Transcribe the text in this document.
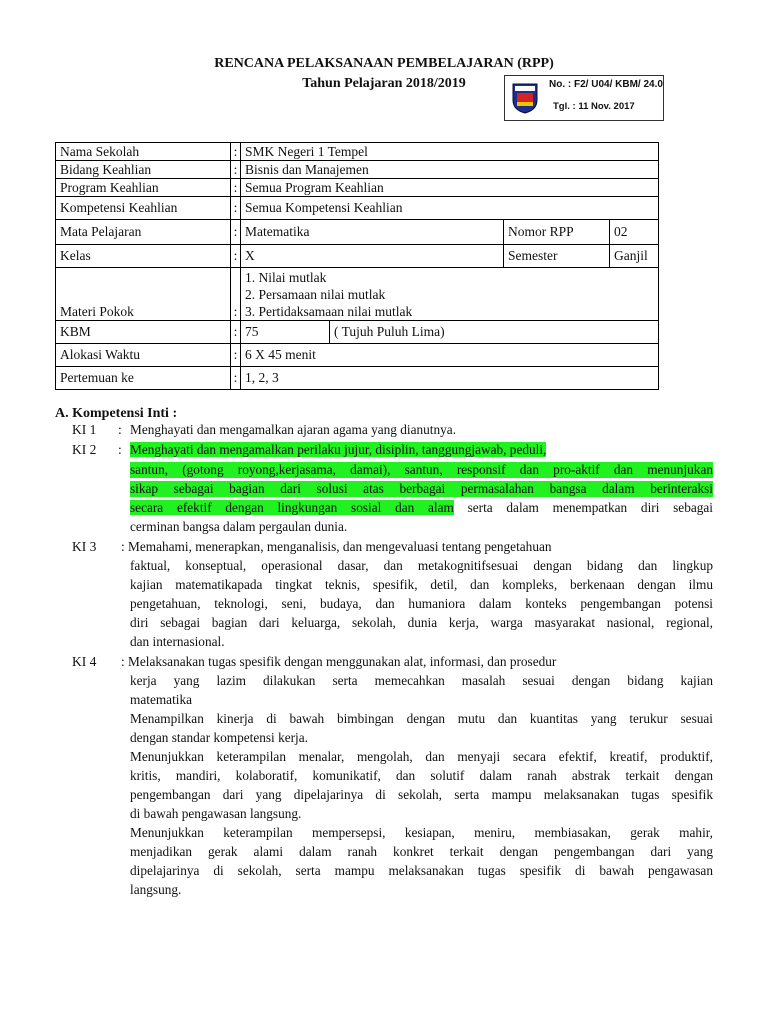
RENCANA PELAKSANAAN PEMBELAJARAN (RPP)
Tahun Pelajaran 2018/2019	No. : F2/ U04/ KBM/ 24.0
Tgl. : 11 Nov. 2017
Nama Sekolah	:	SMK Negeri 1 Tempel			
Bidang Keahlian	:	Bisnis dan Manajemen			
Program Keahlian	:	Semua Program Keahlian			
Kompetensi Keahlian	:	Semua Kompetensi Keahlian			
Mata Pelajaran	:	Matematika		Nomor RPP	02
Kelas	:	X		Semester	Ganjil
Materi Pokok	:	1. Nilai mutlak
2. Persamaan nilai mutlak
3. Pertidaksamaan nilai mutlak			

KBM	:	75	( Tujuh Puluh Lima)		
Alokasi Waktu	:	6 X 45 menit			
Pertemuan ke	:	1, 2, 3			
A. Kompetensi Inti :
KI 1 : Menghayati dan mengamalkan ajaran agama yang dianutnya.
KI 2 : Menghayati dan mengamalkan perilaku jujur, disiplin, tanggungjawab, peduli,
santun, (gotong royong,kerjasama, damai), santun, responsif dan pro-aktif dan menunjukan
sikap sebagai bagian dari solusi atas berbagai permasalahan bangsa dalam berinteraksi
secara efektif dengan lingkungan sosial dan alam serta dalam menempatkan diri sebagai
cerminan bangsa dalam pergaulan dunia.
KI 3 : Memahami, menerapkan, menganalisis, dan mengevaluasi tentang pengetahuan
faktual, konseptual, operasional dasar, dan metakognitifsesuai dengan bidang dan lingkup
kajian matematikapada tingkat teknis, spesifik, detil, dan kompleks, berkenaan dengan ilmu
pengetahuan, teknologi, seni, budaya, dan humaniora dalam konteks pengembangan potensi
diri sebagai bagian dari keluarga, sekolah, dunia kerja, warga masyarakat nasional, regional,
dan internasional.
KI 4 : Melaksanakan tugas spesifik dengan menggunakan alat, informasi, dan prosedur
kerja yang lazim dilakukan serta memecahkan masalah sesuai dengan bidang kajian
matematika
Menampilkan kinerja di bawah bimbingan dengan mutu dan kuantitas yang terukur sesuai
dengan standar kompetensi kerja.
Menunjukkan keterampilan menalar, mengolah, dan menyaji secara efektif, kreatif, produktif,
kritis, mandiri, kolaboratif, komunikatif, dan solutif dalam ranah abstrak terkait dengan
pengembangan dari yang dipelajarinya di sekolah, serta mampu melaksanakan tugas spesifik
di bawah pengawasan langsung.
Menunjukkan keterampilan mempersepsi, kesiapan, meniru, membiasakan, gerak mahir,
menjadikan gerak alami dalam ranah konkret terkait dengan pengembangan dari yang
dipelajarinya di sekolah, serta mampu melaksanakan tugas spesifik di bawah pengawasan
langsung.
